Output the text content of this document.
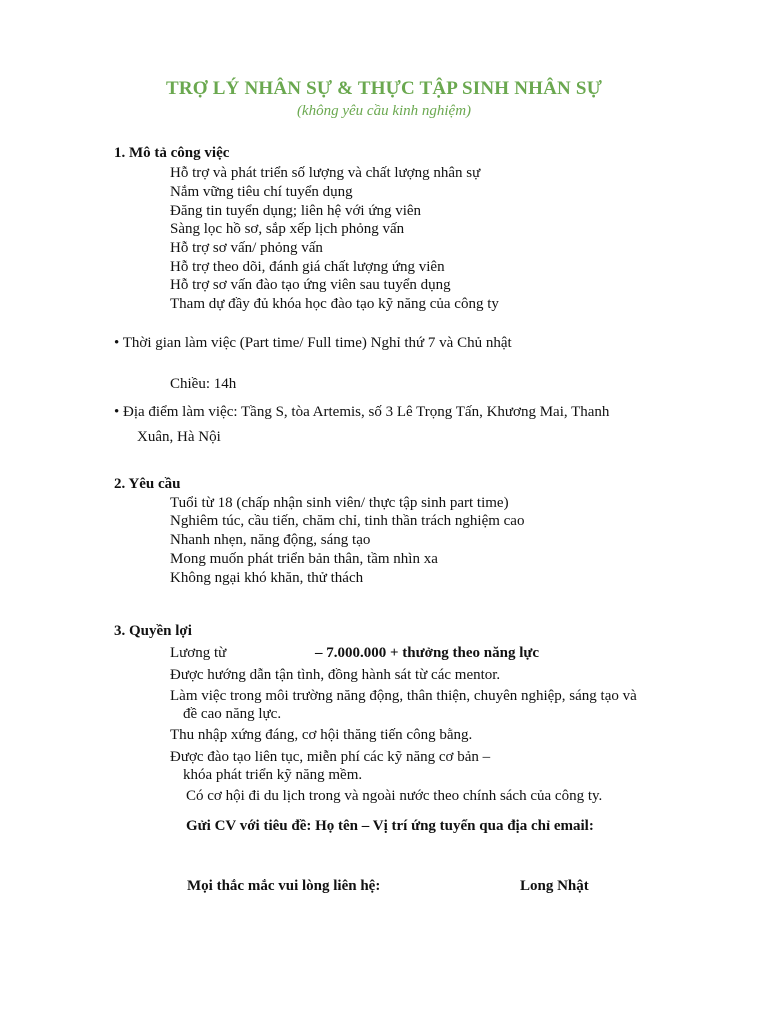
TRỢ LÝ NHÂN SỰ & THỰC TẬP SINH NHÂN SỰ
(không yêu cầu kinh nghiệm)
1. Mô tả công việc
Hỗ trợ và phát triển số lượng và chất lượng nhân sự
Nắm vững tiêu chí tuyển dụng
Đăng tin tuyển dụng; liên hệ với ứng viên
Sàng lọc hồ sơ, sắp xếp lịch phỏng vấn
Hỗ trợ sơ vấn/ phỏng vấn
Hỗ trợ theo dõi, đánh giá chất lượng ứng viên
Hỗ trợ sơ vấn đào tạo ứng viên sau tuyển dụng
Tham dự đầy đủ khóa học đào tạo kỹ năng của công ty
• Thời gian làm việc (Part time/ Full time) Nghỉ thứ 7 và Chủ nhật
Chiều: 14h
• Địa điểm làm việc: Tầng S, tòa Artemis, số 3 Lê Trọng Tấn, Khương Mai, Thanh
Xuân, Hà Nội
2. Yêu cầu
Tuổi từ 18 (chấp nhận sinh viên/ thực tập sinh part time)
Nghiêm túc, cầu tiến, chăm chỉ, tinh thần trách nghiệm cao
Nhanh nhẹn, năng động, sáng tạo
Mong muốn phát triển bản thân, tầm nhìn xa
Không ngại khó khăn, thử thách
3. Quyền lợi
Lương từ	– 7.000.000 + thưởng theo năng lực
Được hướng dẫn tận tình, đồng hành sát từ các mentor.
Làm việc trong môi trường năng động, thân thiện, chuyên nghiệp, sáng tạo và
đề cao năng lực.
Thu nhập xứng đáng, cơ hội thăng tiến công bằng.
Được đào tạo liên tục, miễn phí các kỹ năng cơ bản –
khóa phát triển kỹ năng mềm.
Có cơ hội đi du lịch trong và ngoài nước theo chính sách của công ty.
Gửi CV với tiêu đề: Họ tên – Vị trí ứng tuyển qua địa chỉ email:
Mọi thắc mắc vui lòng liên hệ:	Long Nhật
